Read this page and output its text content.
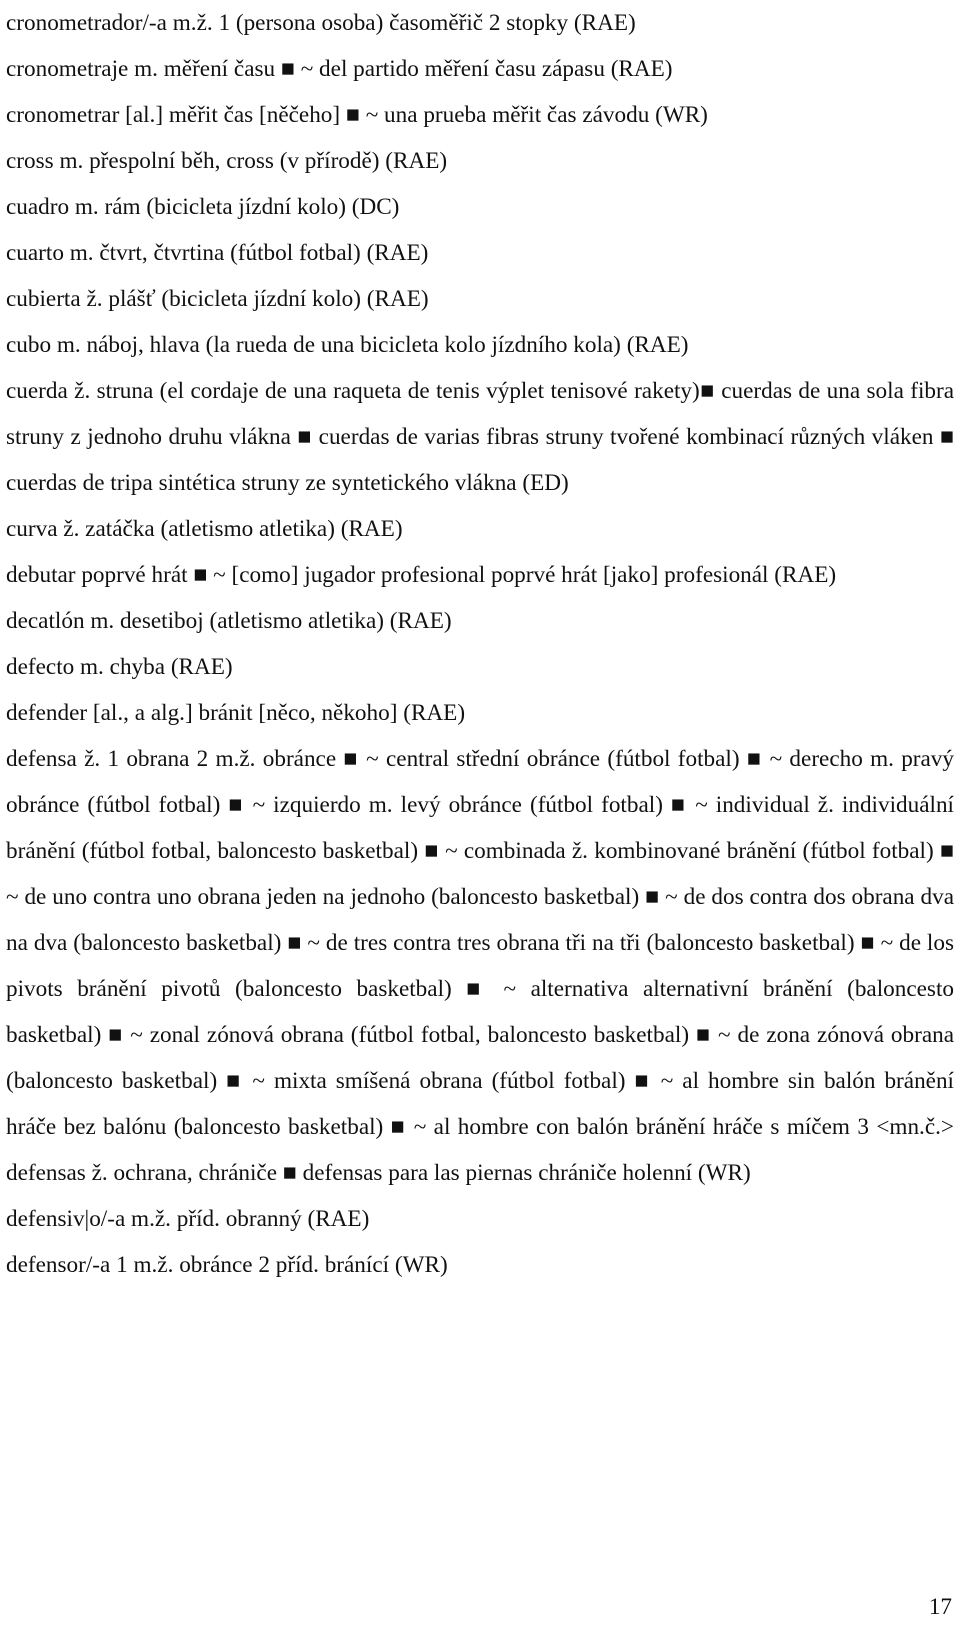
cronometrador/-a m.ž. 1 (persona osoba) časoměřič 2 stopky (RAE)

cronometraje m. měření času ■ ~ del partido měření času zápasu (RAE)

cronometrar [al.] měřit čas [něčeho] ■ ~ una prueba měřit čas závodu (WR)

cross m. přespolní běh, cross (v přírodě) (RAE)

cuadro m. rám (bicicleta jízdní kolo) (DC)

cuarto m. čtvrt, čtvrtina (fútbol fotbal) (RAE)

cubierta ž. plášť (bicicleta jízdní kolo) (RAE)

cubo m. náboj, hlava (la rueda de una bicicleta kolo jízdního kola) (RAE)

cuerda ž. struna (el cordaje de una raqueta de tenis výplet tenisové rakety)■ cuerdas de una sola fibra struny z jednoho druhu vlákna ■ cuerdas de varias fibras struny tvořené kombinací různých vláken ■ cuerdas de tripa sintética struny ze syntetického vlákna (ED)

curva ž. zatáčka (atletismo atletika) (RAE)

debutar poprvé hrát ■ ~ [como] jugador profesional poprvé hrát [jako] profesionál (RAE)

decatlón m. desetiboj (atletismo atletika) (RAE)

defecto m. chyba (RAE)

defender [al., a alg.] bránit [něco, někoho] (RAE)

defensa ž. 1 obrana 2 m.ž. obránce ■ ~ central střední obránce (fútbol fotbal) ■ ~ derecho m. pravý obránce (fútbol fotbal) ■ ~ izquierdo m. levý obránce (fútbol fotbal) ■ ~ individual ž. individuální bránění (fútbol fotbal, baloncesto basketbal) ■ ~ combinada ž. kombinované bránění (fútbol fotbal) ■ ~ de uno contra uno obrana jeden na jednoho (baloncesto basketbal) ■ ~ de dos contra dos obrana dva na dva (baloncesto basketbal) ■ ~ de tres contra tres obrana tři na tři (baloncesto basketbal) ■ ~ de los pivots bránění pivotů (baloncesto basketbal) ■ ~ alternativa alternativní bránění (baloncesto basketbal) ■ ~ zonal zónová obrana (fútbol fotbal, baloncesto basketbal) ■ ~ de zona zónová obrana (baloncesto basketbal) ■ ~ mixta smíšená obrana (fútbol fotbal) ■ ~ al hombre sin balón bránění hráče bez balónu (baloncesto basketbal) ■ ~ al hombre con balón bránění hráče s míčem 3 <mn.č.> defensas ž. ochrana, chrániče ■ defensas para las piernas chrániče holenní (WR)

defensiv|o/-a m.ž. příd. obranný (RAE)

defensor/-a 1 m.ž. obránce 2 příd. bránící (WR)

17
